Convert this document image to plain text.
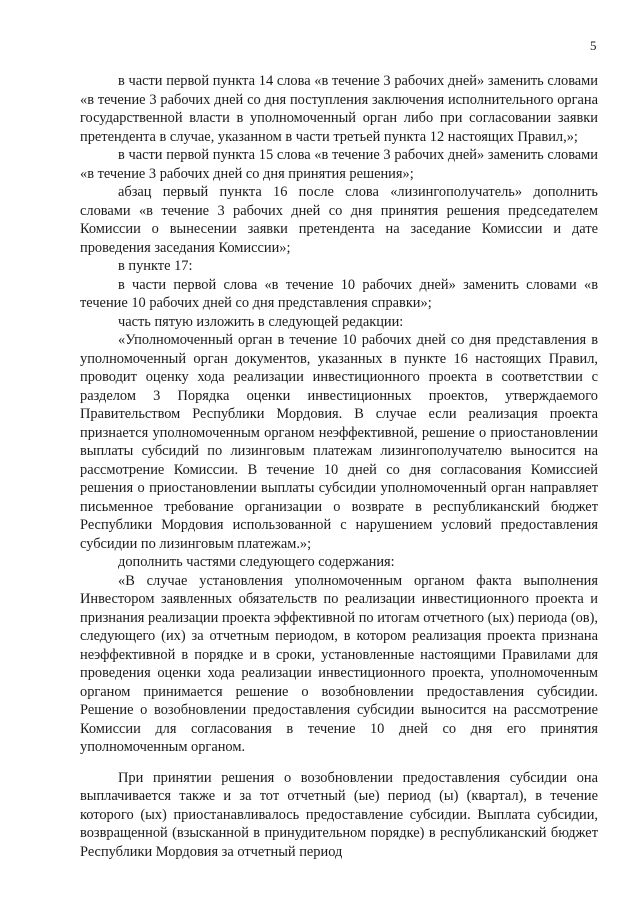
5

в части первой пункта 14 слова «в течение 3 рабочих дней» заменить словами «в течение 3 рабочих дней со дня поступления заключения исполнительного органа государственной власти в уполномоченный орган либо при согласовании заявки претендента в случае, указанном в части третьей пункта 12 настоящих Правил,»;

в части первой пункта 15 слова «в течение 3 рабочих дней» заменить словами «в течение 3 рабочих дней со дня принятия решения»;

абзац первый пункта 16 после слова «лизингополучатель» дополнить словами «в течение 3 рабочих дней со дня принятия решения председателем Комиссии о вынесении заявки претендента на заседание Комиссии и дате проведения заседания Комиссии»;

в пункте 17:

в части первой слова «в течение 10 рабочих дней» заменить словами «в течение 10 рабочих дней со дня представления справки»;

часть пятую изложить в следующей редакции:

«Уполномоченный орган в течение 10 рабочих дней со дня представления в уполномоченный орган документов, указанных в пункте 16 настоящих Правил, проводит оценку хода реализации инвестиционного проекта в соответствии с разделом 3 Порядка оценки инвестиционных проектов, утверждаемого Правительством Республики Мордовия. В случае если реализация проекта признается уполномоченным органом неэффективной, решение о приостановлении выплаты субсидий по лизинговым платежам лизингополучателю выносится на рассмотрение Комиссии. В течение 10 дней со дня согласования Комиссией решения о приостановлении выплаты субсидии уполномоченный орган направляет письменное требование организации о возврате в республиканский бюджет Республики Мордовия использованной с нарушением условий предоставления субсидии по лизинговым платежам.»;

дополнить частями следующего содержания:

«В случае установления уполномоченным органом факта выполнения Инвестором заявленных обязательств по реализации инвестиционного проекта и признания реализации проекта эффективной по итогам отчетного (ых) периода (ов), следующего (их) за отчетным периодом, в котором реализация проекта признана неэффективной в порядке и в сроки, установленные настоящими Правилами для проведения оценки хода реализации инвестиционного проекта, уполномоченным органом принимается решение о возобновлении предоставления субсидии. Решение о возобновлении предоставления субсидии выносится на рассмотрение Комиссии для согласования в течение 10 дней со дня его принятия уполномоченным органом.

При принятии решения о возобновлении предоставления субсидии она выплачивается также и за тот отчетный (ые) период (ы) (квартал), в течение которого (ых) приостанавливалось предоставление субсидии. Выплата субсидии, возвращенной (взысканной в принудительном порядке) в республиканский бюджет Республики Мордовия за отчетный период
